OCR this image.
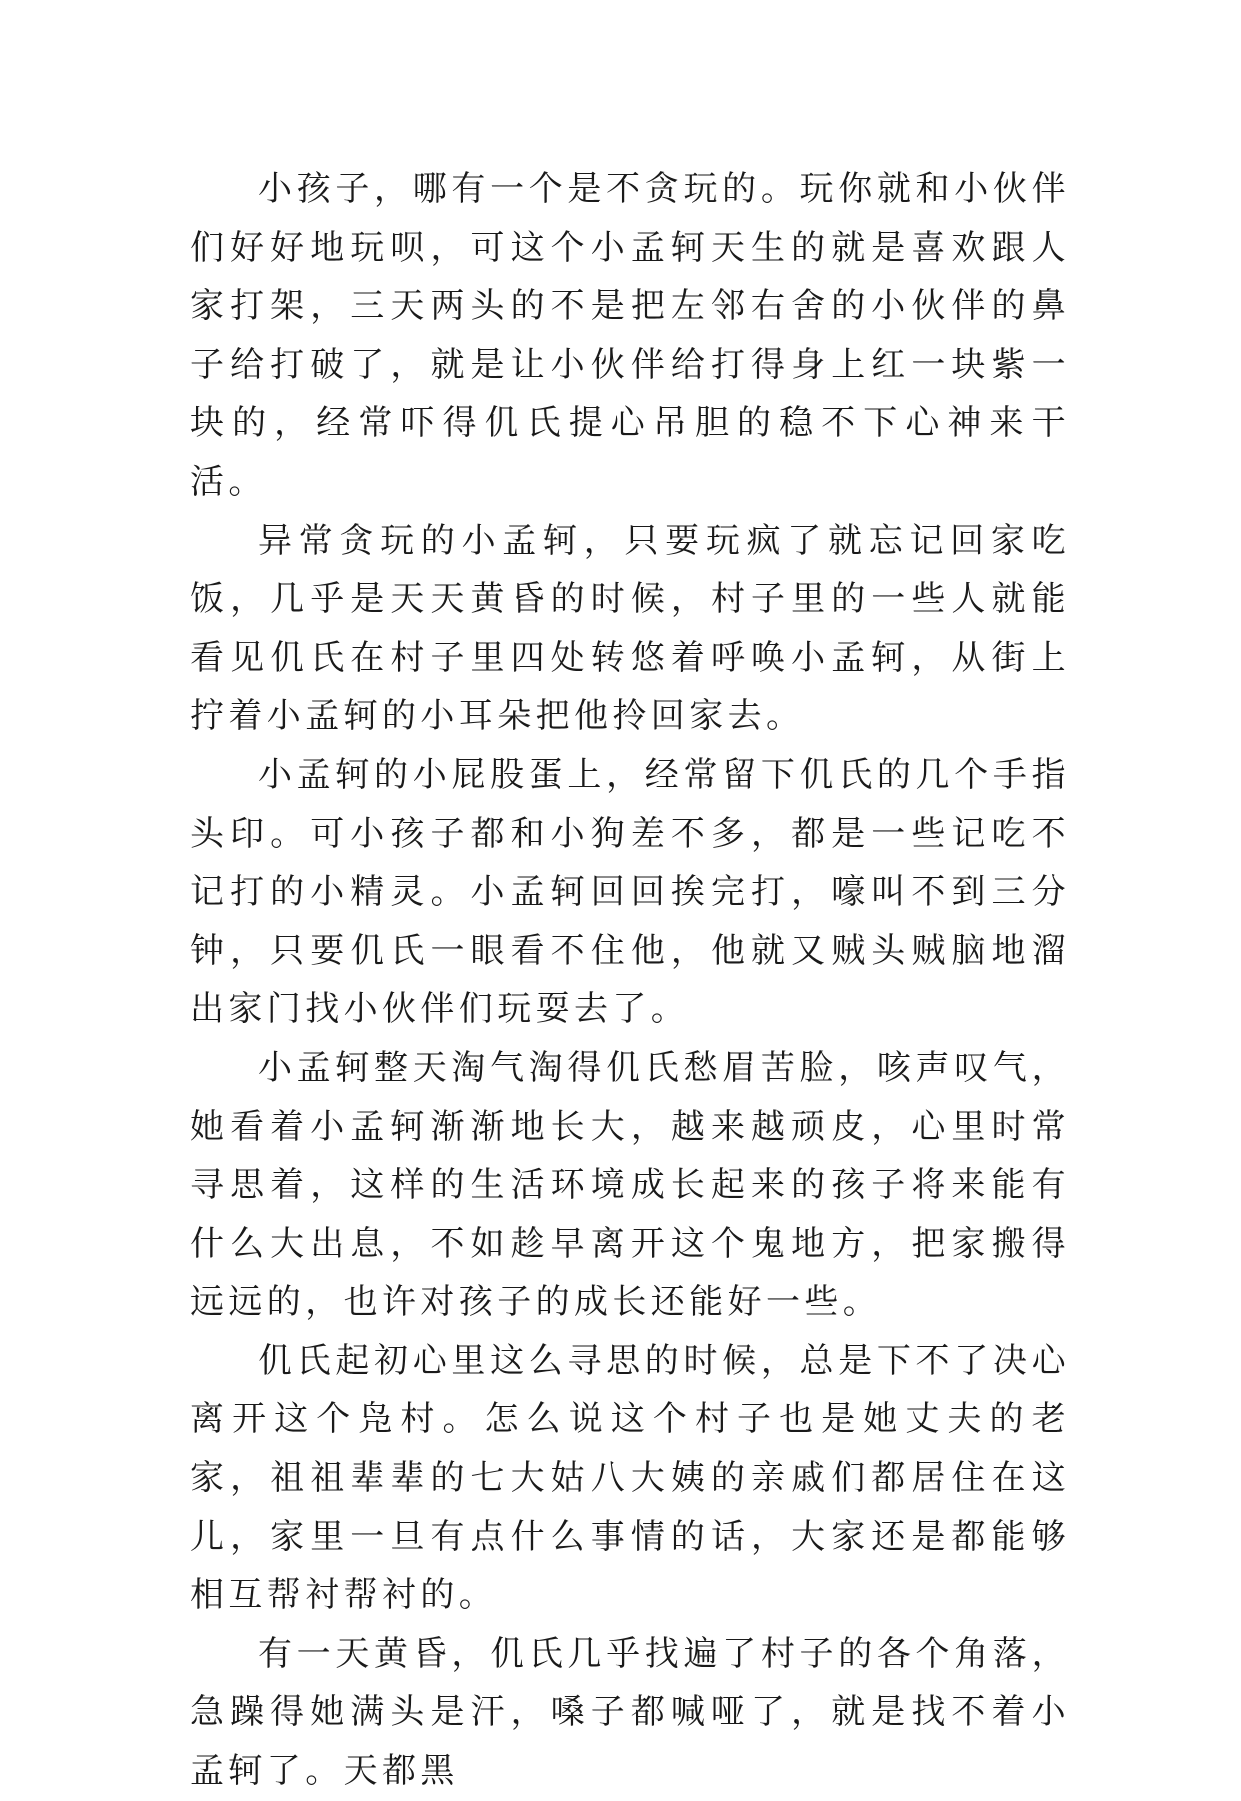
小孩子，哪有一个是不贪玩的。玩你就和小伙伴们好好地玩呗，可这个小孟轲天生的就是喜欢跟人家打架，三天两头的不是把左邻右舍的小伙伴的鼻子给打破了，就是让小伙伴给打得身上红一块紫一块的，经常吓得仉氏提心吊胆的稳不下心神来干活。

异常贪玩的小孟轲，只要玩疯了就忘记回家吃饭，几乎是天天黄昏的时候，村子里的一些人就能看见仉氏在村子里四处转悠着呼唤小孟轲，从街上拧着小孟轲的小耳朵把他拎回家去。

小孟轲的小屁股蛋上，经常留下仉氏的几个手指头印。可小孩子都和小狗差不多，都是一些记吃不记打的小精灵。小孟轲回回挨完打，嚎叫不到三分钟，只要仉氏一眼看不住他，他就又贼头贼脑地溜出家门找小伙伴们玩耍去了。

小孟轲整天淘气淘得仉氏愁眉苦脸，咳声叹气，她看着小孟轲渐渐地长大，越来越顽皮，心里时常寻思着，这样的生活环境成长起来的孩子将来能有什么大出息，不如趁早离开这个鬼地方，把家搬得远远的，也许对孩子的成长还能好一些。

仉氏起初心里这么寻思的时候，总是下不了决心离开这个凫村。怎么说这个村子也是她丈夫的老家，祖祖辈辈的七大姑八大姨的亲戚们都居住在这儿，家里一旦有点什么事情的话，大家还是都能够相互帮衬帮衬的。

有一天黄昏，仉氏几乎找遍了村子的各个角落，急躁得她满头是汗，嗓子都喊哑了，就是找不着小孟轲了。天都黑
